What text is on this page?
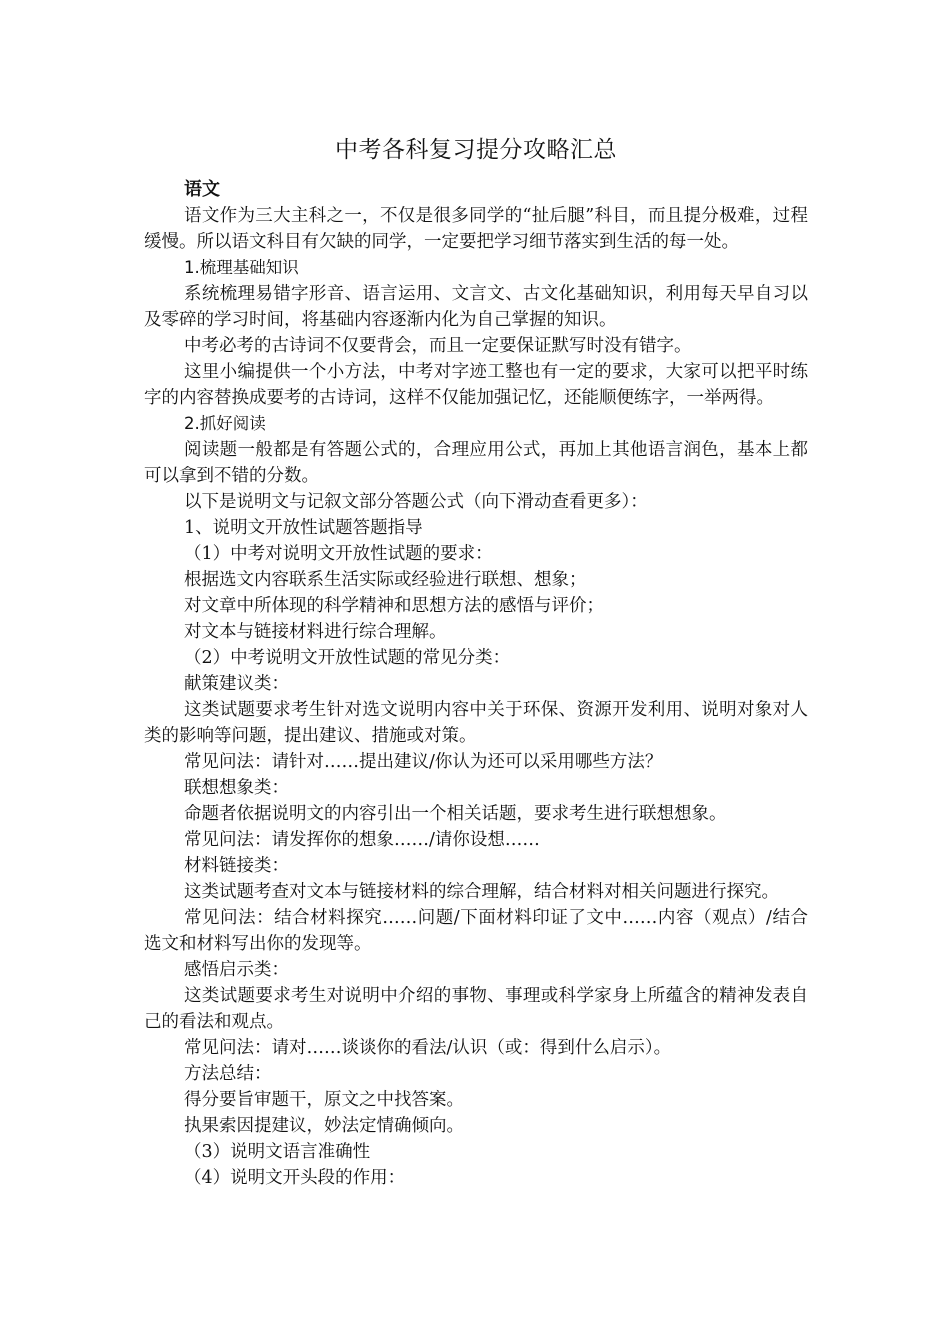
中考各科复习提分攻略汇总
语文

语文作为三大主科之一，不仅是很多同学的“扯后腿”科目，而且提分极难，过程缓慢。所以语文科目有欠缺的同学，一定要把学习细节落实到生活的每一处。

1.梳理基础知识

系统梳理易错字形音、语言运用、文言文、古文化基础知识，利用每天早自习以及零碎的学习时间，将基础内容逐渐内化为自己掌握的知识。

中考必考的古诗词不仅要背会，而且一定要保证默写时没有错字。

这里小编提供一个小方法，中考对字迹工整也有一定的要求，大家可以把平时练字的内容替换成要考的古诗词，这样不仅能加强记忆，还能顺便练字，一举两得。

2.抓好阅读

阅读题一般都是有答题公式的，合理应用公式，再加上其他语言润色，基本上都可以拿到不错的分数。

以下是说明文与记叙文部分答题公式（向下滑动查看更多）：

1、说明文开放性试题答题指导

（1）中考对说明文开放性试题的要求：

根据选文内容联系生活实际或经验进行联想、想象；

对文章中所体现的科学精神和思想方法的感悟与评价；

对文本与链接材料进行综合理解。

（2）中考说明文开放性试题的常见分类：

献策建议类：

这类试题要求考生针对选文说明内容中关于环保、资源开发利用、说明对象对人类的影响等问题，提出建议、措施或对策。

常见问法：请针对……提出建议/你认为还可以采用哪些方法？

联想想象类：

命题者依据说明文的内容引出一个相关话题，要求考生进行联想想象。

常见问法：请发挥你的想象……/请你设想……

材料链接类：

这类试题考查对文本与链接材料的综合理解，结合材料对相关问题进行探究。

常见问法：结合材料探究……问题/下面材料印证了文中……内容（观点）/结合选文和材料写出你的发现等。

感悟启示类：

这类试题要求考生对说明中介绍的事物、事理或科学家身上所蕴含的精神发表自己的看法和观点。

常见问法：请对……谈谈你的看法/认识（或：得到什么启示）。

方法总结：

得分要旨审题干，原文之中找答案。

执果索因提建议，妙法定情确倾向。

（3）说明文语言准确性

（4）说明文开头段的作用：
